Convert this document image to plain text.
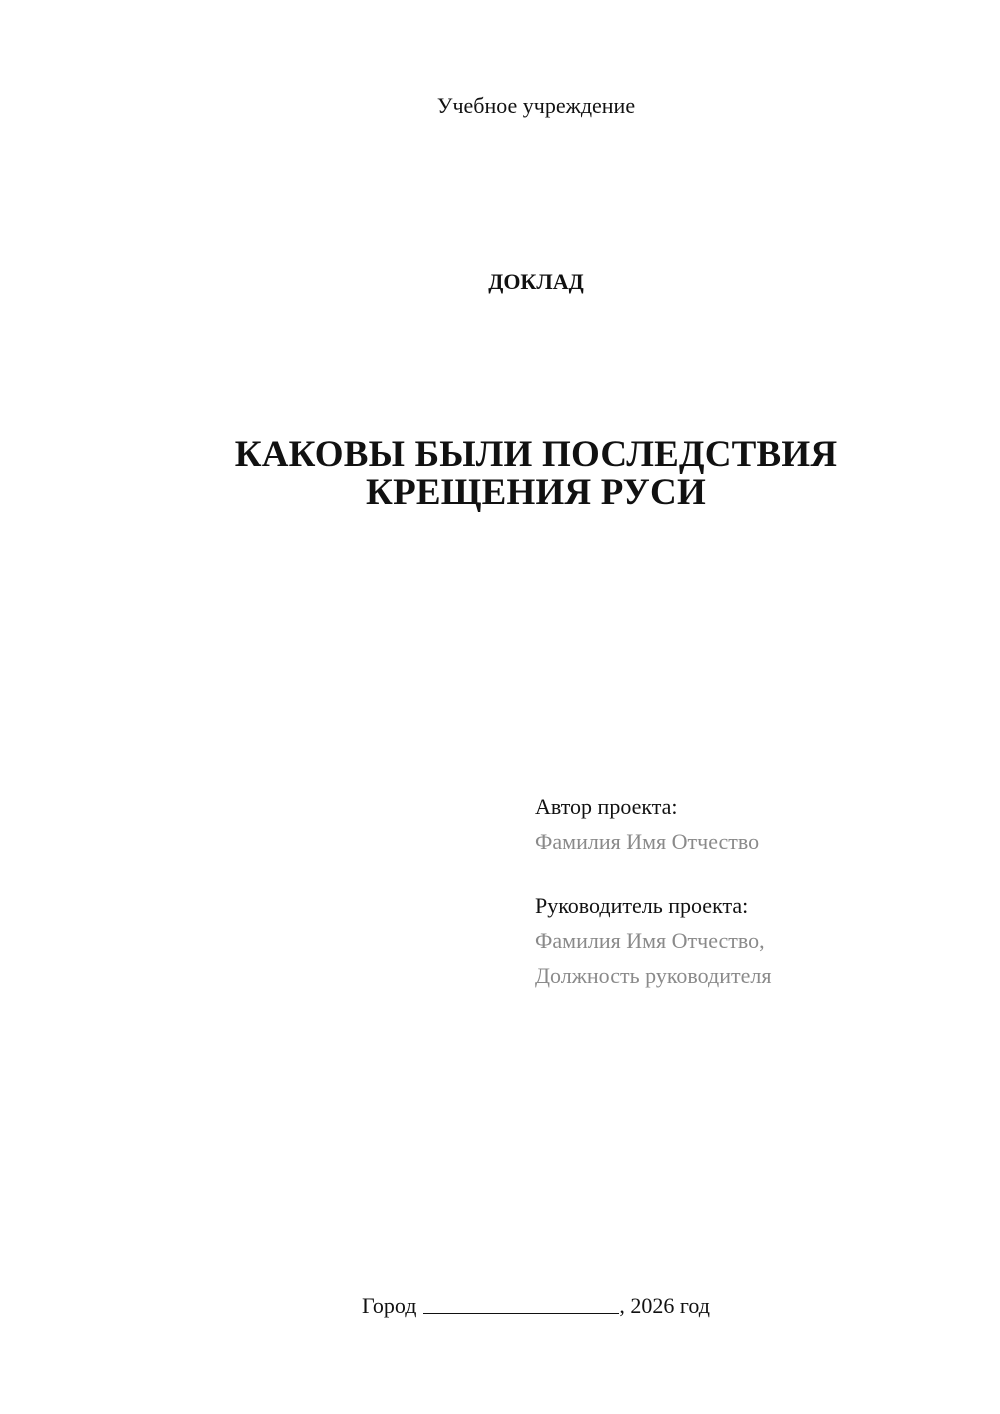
Учебное учреждение
ДОКЛАД
КАКОВЫ БЫЛИ ПОСЛЕДСТВИЯ
КРЕЩЕНИЯ РУСИ
Автор проекта:
Фамилия Имя Отчество
Руководитель проекта:
Фамилия Имя Отчество,
Должность руководителя
Город	, 2026 год
